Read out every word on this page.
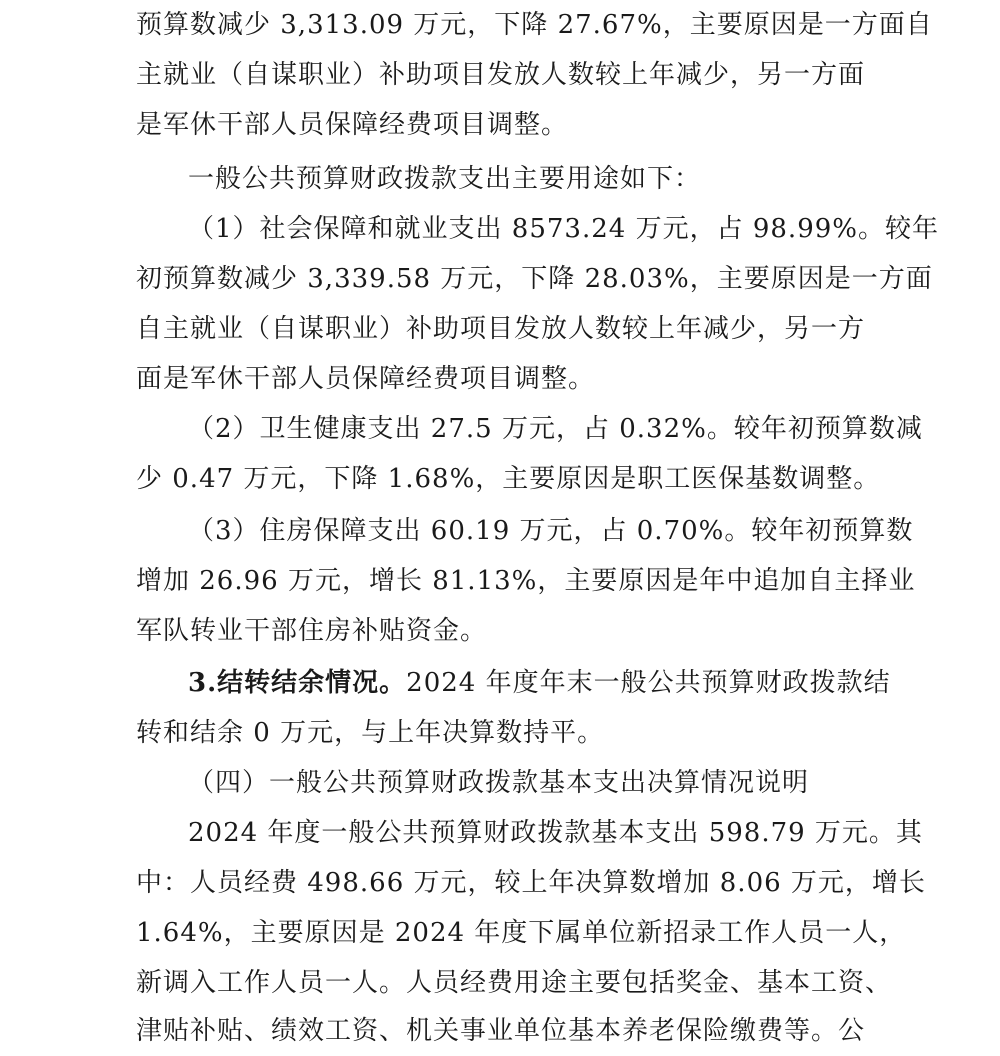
预算数减少 3,313.09 万元，下降 27.67%，主要原因是一方面自
主就业（自谋职业）补助项目发放人数较上年减少，另一方面
是军休干部人员保障经费项目调整。
一般公共预算财政拨款支出主要用途如下：
（1）社会保障和就业支出 8573.24 万元，占 98.99%。较年
初预算数减少 3,339.58 万元，下降 28.03%，主要原因是一方面
自主就业（自谋职业）补助项目发放人数较上年减少，另一方
面是军休干部人员保障经费项目调整。
（2）卫生健康支出 27.5 万元，占 0.32%。较年初预算数减
少 0.47 万元，下降 1.68%，主要原因是职工医保基数调整。
（3）住房保障支出 60.19 万元，占 0.70%。较年初预算数
增加 26.96 万元，增长 81.13%，主要原因是年中追加自主择业
军队转业干部住房补贴资金。
3.结转结余情况。2024 年度年末一般公共预算财政拨款结
转和结余 0 万元，与上年决算数持平。
（四）一般公共预算财政拨款基本支出决算情况说明
2024 年度一般公共预算财政拨款基本支出 598.79 万元。其
中：人员经费 498.66 万元，较上年决算数增加 8.06 万元，增长
1.64%，主要原因是 2024 年度下属单位新招录工作人员一人，
新调入工作人员一人。人员经费用途主要包括奖金、基本工资、
津贴补贴、绩效工资、机关事业单位基本养老保险缴费等。公
